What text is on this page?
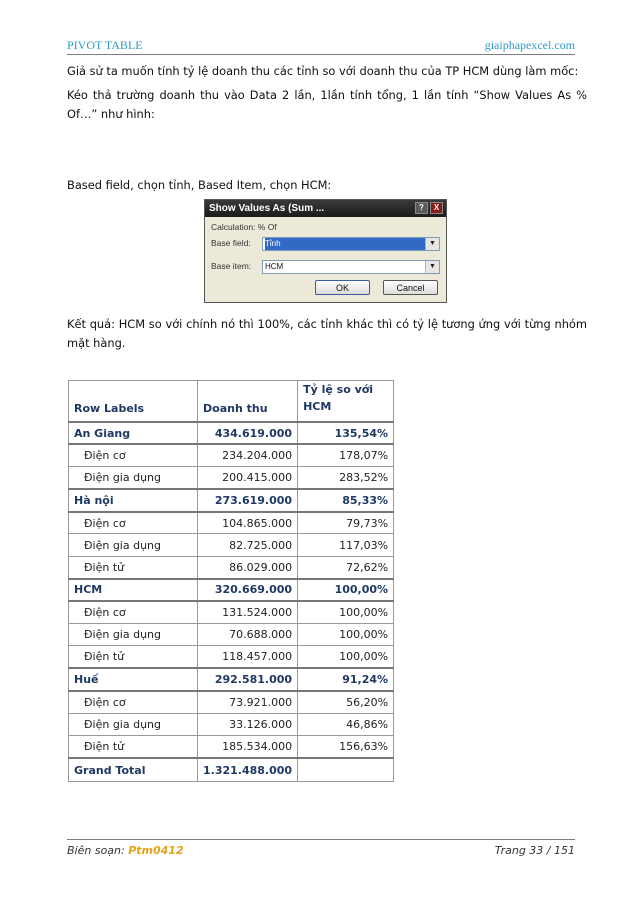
PIVOT TABLE	giaiphapexcel.com
Giả sử ta muốn tính tỷ lệ doanh thu các tỉnh so với doanh thu của TP HCM dùng làm mốc:
Kéo thả trường doanh thu vào Data 2 lần, 1lần tính tổng, 1 lần tính “Show Values As % Of…” như hình:
Based field, chọn tỉnh, Based Item, chọn HCM:
Show Values As (Sum ...	?	X
Calculation: % Of
Base field: Tỉnh	▼
Base item:	HCM	▼
OK	Cancel
Kết quả: HCM so với chính nó thì 100%, các tỉnh khác thì có tỷ lệ tương ứng với từng nhóm mặt hàng.
Row Labels	Doanh thu	Tỷ lệ so với
HCM
An Giang	434.619.000	135,54%
Điện cơ	234.204.000	178,07%
Điện gia dụng	200.415.000	283,52%
Hà nội	273.619.000	85,33%
Điện cơ	104.865.000	79,73%
Điện gia dụng	82.725.000	117,03%
Điện tử	86.029.000	72,62%
HCM	320.669.000	100,00%
Điện cơ	131.524.000	100,00%
Điện gia dụng	70.688.000	100,00%
Điện tử	118.457.000	100,00%
Huế	292.581.000	91,24%
Điện cơ	73.921.000	56,20%
Điện gia dụng	33.126.000	46,86%
Điện tử	185.534.000	156,63%
Grand Total	1.321.488.000	
Biên soạn: Ptm0412	Trang 33 / 151
